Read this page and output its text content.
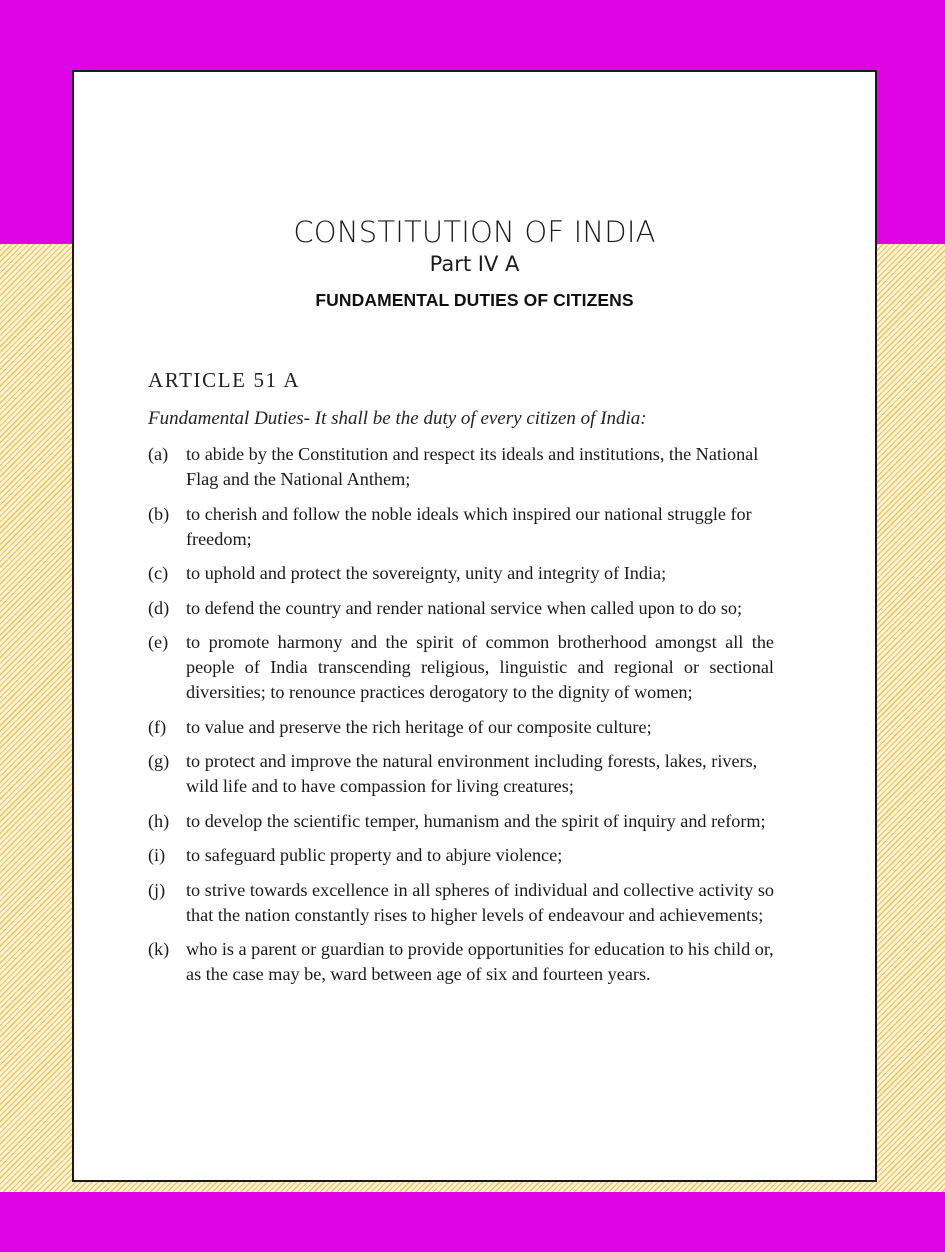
CONSTITUTION OF INDIA
Part IV A
FUNDAMENTAL DUTIES OF CITIZENS
ARTICLE 51 A
Fundamental Duties- It shall be the duty of every citizen of India:
(a) to abide by the Constitution and respect its ideals and institutions, the National Flag and the National Anthem;
(b) to cherish and follow the noble ideals which inspired our national struggle for freedom;
(c) to uphold and protect the sovereignty, unity and integrity of India;
(d) to defend the country and render national service when called upon to do so;
(e) to promote harmony and the spirit of common brotherhood amongst all the people of India transcending religious, linguistic and regional or sectional diversities; to renounce practices derogatory to the dignity of women;
(f)	to value and preserve the rich heritage of our composite culture;
(g) to protect and improve the natural environment including forests, lakes, rivers, wild life and to have compassion for living creatures;
(h) to develop the scientific temper, humanism and the spirit of inquiry and reform;
(i)	to safeguard public property and to abjure violence;
(j)	to strive towards excellence in all spheres of individual and collective activity so that the nation constantly rises to higher levels of endeavour and achievements;
(k) who is a parent or guardian to provide opportunities for education to his child or, as the case may be, ward between age of six and fourteen years.
